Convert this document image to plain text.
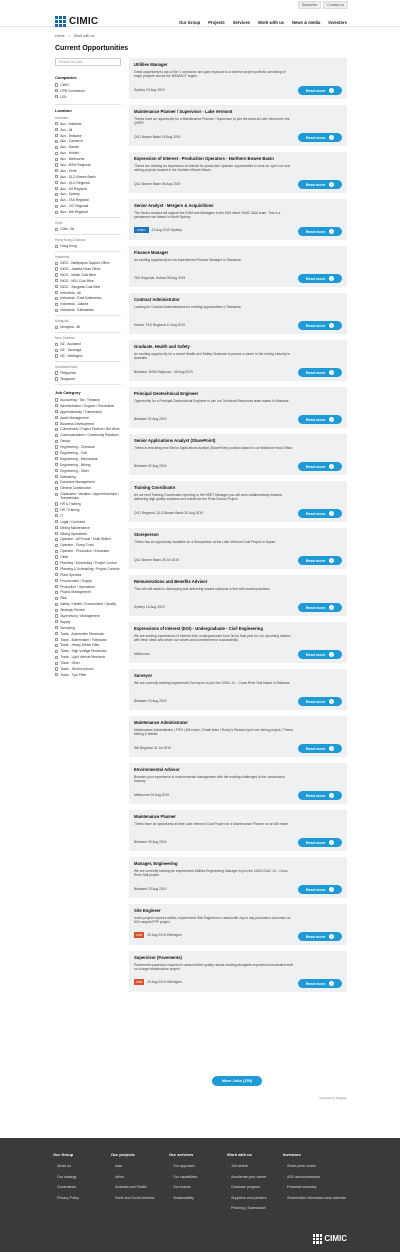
Subscribe	Contact us
CIMIC	Our Group Projects Services Work with us News & media Investors
Home › Work with us
Current Opportunities
Search for jobs
Companies
CIMIC
CPB Contractors
UGL
Location
Australia
Aus - Adelaide
Aus - All
Aus - Brisbane
Aus - Canberra
Aus - Darwin
Aus - Hobart
Aus - Melbourne
Aus - NSW Regional
Aus - Perth
Aus - QLD Bowen Basin
Aus - QLD Regional
Aus - SA Regional
Aus - Sydney
Aus - TAS Regional
Aus - VIC Regional
Aus - WA Regional
Chile
Chile - All
Hong Kong & Macau
Hong Kong
Indonesia
INDO - Balikpapan Support Office
INDO - Jakarta Head Office
INDO - Melak Coal Mine
INDO - MSJ Coal Mine
INDO - Sangatta Coal Mine
Indonesia - All
Indonesia - East Kalimantan
Indonesia - Jakarta
Indonesia - Kalimantan
Mongolia
Mongolia - All
New Zealand
NZ - Auckland
NZ - Tauranga
NZ - Wellington
Southeast Asia
Philippines
Singapore
Job Category
Accounting / Tax / Treasury
Administration / Support / Secretarial
Apprenticeship / Traineeship
Asset Management
Business Development
Commercial / Project Finance / Bid Work
Communications / Community Relations
Design
Engineering - Chemical
Engineering - Civil
Engineering - Mechanical
Engineering - Mining
Engineering - Other
Estimating
Executive Management
General Construction
Graduates / Vacation / Apprenticeships / Traineeships
HR & Training
HR / Training
IT
Legal / Contracts
Mining Maintenance
Mining Operations
Operator - All Round / Multi Skilled
Operator - Dump Truck
Operator - Production / Excavator
Other
Planning / Scheduling / Project Control
Planning & Scheduling / Project Controls
Plant Operator
Procurement / Supply
Production / Operations
Project Management
Risk
Safety / Health / Environment / Quality
Strategic Review
Supervisory / Management
Supply
Surveying
Trade - Automotive Electrician
Trade - Boilermaker / Fabricator
Trade - Heavy Diesel Fitter
Trade - High Voltage Electrician
Trade - Light Vehicle Mechanic
Trade - Other
Trade - Service person
Trade - Tyre Fitter
Utilities Manager
Great opportunity to join a Tier 1 contractor and gain exposure to a diverse project portfolio consisting of major projects across the NSW/ACT region.
Sydney 23 Aug 2019	Read more	›
Maintenance Planner / Supervisor - Lake Vermont
Theres have an opportunity for a Maintenance Planner / Supervisor to join the team at Lake Vermont in the QHPR.
QLD Bowen Basin 15 Aug 2019	Read more	›
Expression of Interest - Production Operators - Northern Bowen Basin
Theres are seeking an expression of interest for production operator opportunities to work on open cut coal mining projects located in the Northern Bowen Basin
QLD Bowen Basin 06 Aug 2019	Read more	›
Senior Analyst - Mergers & Acquisitions
The Senior Analyst will support the EGM and Managers in the ASX listed CIMIC M&A team. This is a permanent role based in North Sydney.
CIMIC	23 Aug 2019 Sydney	Read more	›
Finance Manager
An exciting opportunity for an experienced Finance Manager in Tasmania
TAS Regional, Hobart 05 Aug 2019	Read more	›
Contract Administrator
Looking for Contract Administrators for exciting opportunities in Tasmania
Hobart, TAS Regional 11 Aug 2019	Read more	›
Graduate, Health and Safety
An exciting opportunity for a recent Health and Safety Graduate to pursue a career in the mining industry in Australia.
Brisbane, NSW Regional... 06 Aug 2019	Read more	›
Principal Geotechnical Engineer
Opportunity for a Principal Geotechnical Engineer to join our Technical Resources team based in Brisbane.
Brisbane 02 Aug 2019	Read more	›
Senior Applications Analyst (SharePoint)
Thiess is recruiting new Senior Applications Analyst (SharePoint) position based in our Brisbane Head Office.
Brisbane 02 Aug 2019	Read more	›
Training Coordinator
As our next Training Coordinator reporting to the HSET Manager you will work collaboratively towards delivering high quality solutions and results for the Peak Downs Project
QLD Regional, QLD Bowen Basin 30 Aug 2019	Read more	›
Storeperson
Thiess has an opportunity available for a Storeperson at the Lake Vermont Coal Project in Dysart
QLD Bowen Basin 28 Jul 2019	Read more	›
Remunerations and Benefits Advisor
This role will assist in developing and delivering reward solutions in line with market practices
Sydney 16 Aug 2019	Read more	›
Expressions of Interest (EOI) - Undergraduate - Civil Engineering
We are seeking expressions of interest from undergraduates from 3rd to final year for our upcoming intakes with fresh ideas who share our values and commitment to sustainability.
Melbourne	Read more	›
Surveyor
We are currently seeking experienced Surveyors to join the CBGU JV - Cross River Rail based in Brisbane.
Brisbane 23 Aug 2019	Read more	›
Maintenance Administrator
Maintenance Administrator | FIFO | 8/6 roster | Small team | Rocky's Reward open cut mining project | Thiess Mining & Metals
WA Regional 31 Jul 2019	Read more	›
Environmental Advisor
Broaden your experience in environmental management with the exciting challenges in the construction industry
Melbourne 04 Aug 2019	Read more	›
Maintenance Planner
Thiess have an opportunity at their Lake Vermont Coal Project for a Maintenance Planner on an 8/6 roster.
Brisbane 09 Aug 2019	Read more	›
Manager, Engineering
We are currently seeking an experienced Utilities Engineering Manager to join the CBGU D&C JV - Cross River Rail project
Brisbane 23 Aug 2019	Read more	›
Site Engineer
Iconic project requires skilled, experienced Site Engineers to assist with day to day production outcomes on NZ's largest PPP project
CPB	29 Aug 2019 Wellington	Read more	›
Supervisor (Pavements)
Pavements supervisor required to assist deliver quality results working alongside experienced motivated staff on a large infrastructure project
CPB	23 Aug 2019 Wellington	Read more	›
More Jobs (150)
Powered by PageUp
CIMIC
Our Group
› About us
› Our strategy
› Governance
› Privacy Policy
Our projects
› Asia
› Africa
› Australia and Pacific
› North and South America
Our services
› Our approach
› Our capabilities
› Our brands
› Sustainability
Work with us
› Job search
› Accelerate your career
› Graduate program
› Suppliers and partners
› Phishing | Scamwatch
Investors
› Share price centre
› ASX announcements
› Financial summary
› Shareholder information and calendar
